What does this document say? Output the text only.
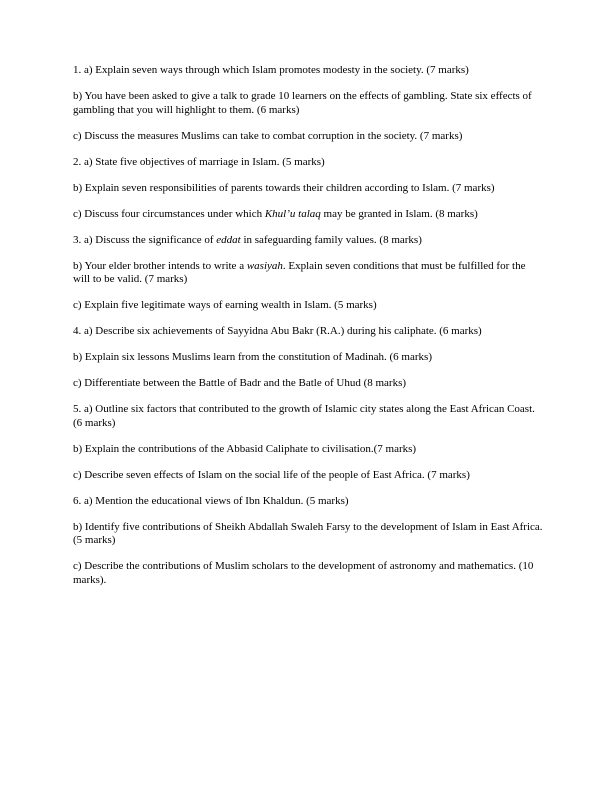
1. a) Explain seven ways through which Islam promotes modesty in the society. (7 marks)

b) You have been asked to give a talk to grade 10 learners on the effects of gambling. State six effects of gambling that you will highlight to them. (6 marks)

c) Discuss the measures Muslims can take to combat corruption in the society. (7 marks)

2. a) State five objectives of marriage in Islam. (5 marks)

b) Explain seven responsibilities of parents towards their children according to Islam. (7 marks)

c) Discuss four circumstances under which Khul’u talaq may be granted in Islam. (8 marks)

3. a) Discuss the significance of eddat in safeguarding family values. (8 marks)

b) Your elder brother intends to write a wasiyah. Explain seven conditions that must be fulfilled for the will to be valid. (7 marks)

c) Explain five legitimate ways of earning wealth in Islam. (5 marks)

4. a) Describe six achievements of Sayyidna Abu Bakr (R.A.) during his caliphate. (6 marks)

b) Explain six lessons Muslims learn from the constitution of Madinah. (6 marks)

c) Differentiate between the Battle of Badr and the Batle of Uhud (8 marks)

5. a) Outline six factors that contributed to the growth of Islamic city states along the East African Coast. (6 marks)

b) Explain the contributions of the Abbasid Caliphate to civilisation.(7 marks)

c) Describe seven effects of Islam on the social life of the people of East Africa. (7 marks)

6. a) Mention the educational views of Ibn Khaldun. (5 marks)

b) Identify five contributions of Sheikh Abdallah Swaleh Farsy to the development of Islam in East Africa. (5 marks)

c) Describe the contributions of Muslim scholars to the development of astronomy and mathematics. (10 marks).
